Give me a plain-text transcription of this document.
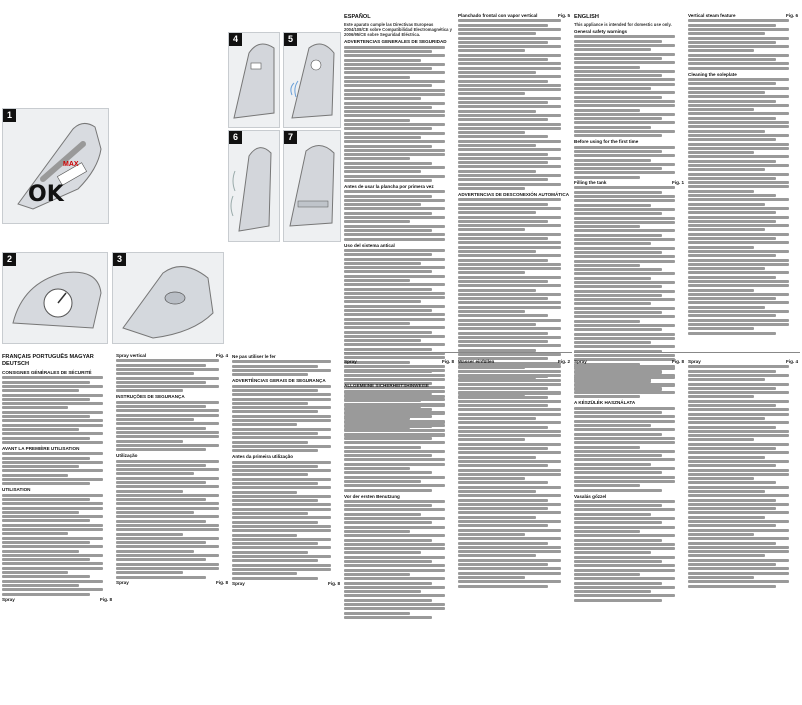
1
MAX
OK
2	3
4	5
6	7
FRANÇAIS PORTUGUÊS MAGYAR DEUTSCH
CONSIGNES GÉNÉRALES DE SÉCURITÉ
AVANT LA PREMIÈRE UTILISATION
UTILISATION
Spray	Fig. 8
Spray vertical	Fig. 4
INSTRUÇÕES DE SEGURANÇA
Utilização
Spray	Fig. 8
Ne pas utiliser le fer
ADVERTÊNCIAS GERAIS DE SEGURANÇA
Antes da primeira utilização
Spray	Fig. 8
ESPAÑOL

Este aparato cumple las Directivas Europeas 2004/108/CE sobre Compatibilidad Electromagnética y 2006/95/CE sobre Seguridad Eléctrica.

ADVERTENCIAS GENERALES DE SEGURIDAD
Antes de usar la plancha por primera vez
Uso del sistema antical
Planchado frontal con vapor vertical	Fig. 5
ADVERTENCIAS DE DESCONEXIÓN AUTOMÁTICA
Spray	Fig. 8
ALLGEMEINE SICHERHEITSHINWEISE
Vor der ersten Benutzung
Wasser einfüllen	Fig. 2
ENGLISH

This appliance is intended for domestic use only.

General safety warnings
Before using for the first time
Filling the tank	Fig. 1
Vertical steam feature	Fig. 6
Cleaning the soleplate
Spray	Fig. 8
A KÉSZÜLÉK HASZNÁLATA
Vasalás gőzzel
Spray	Fig. 4
